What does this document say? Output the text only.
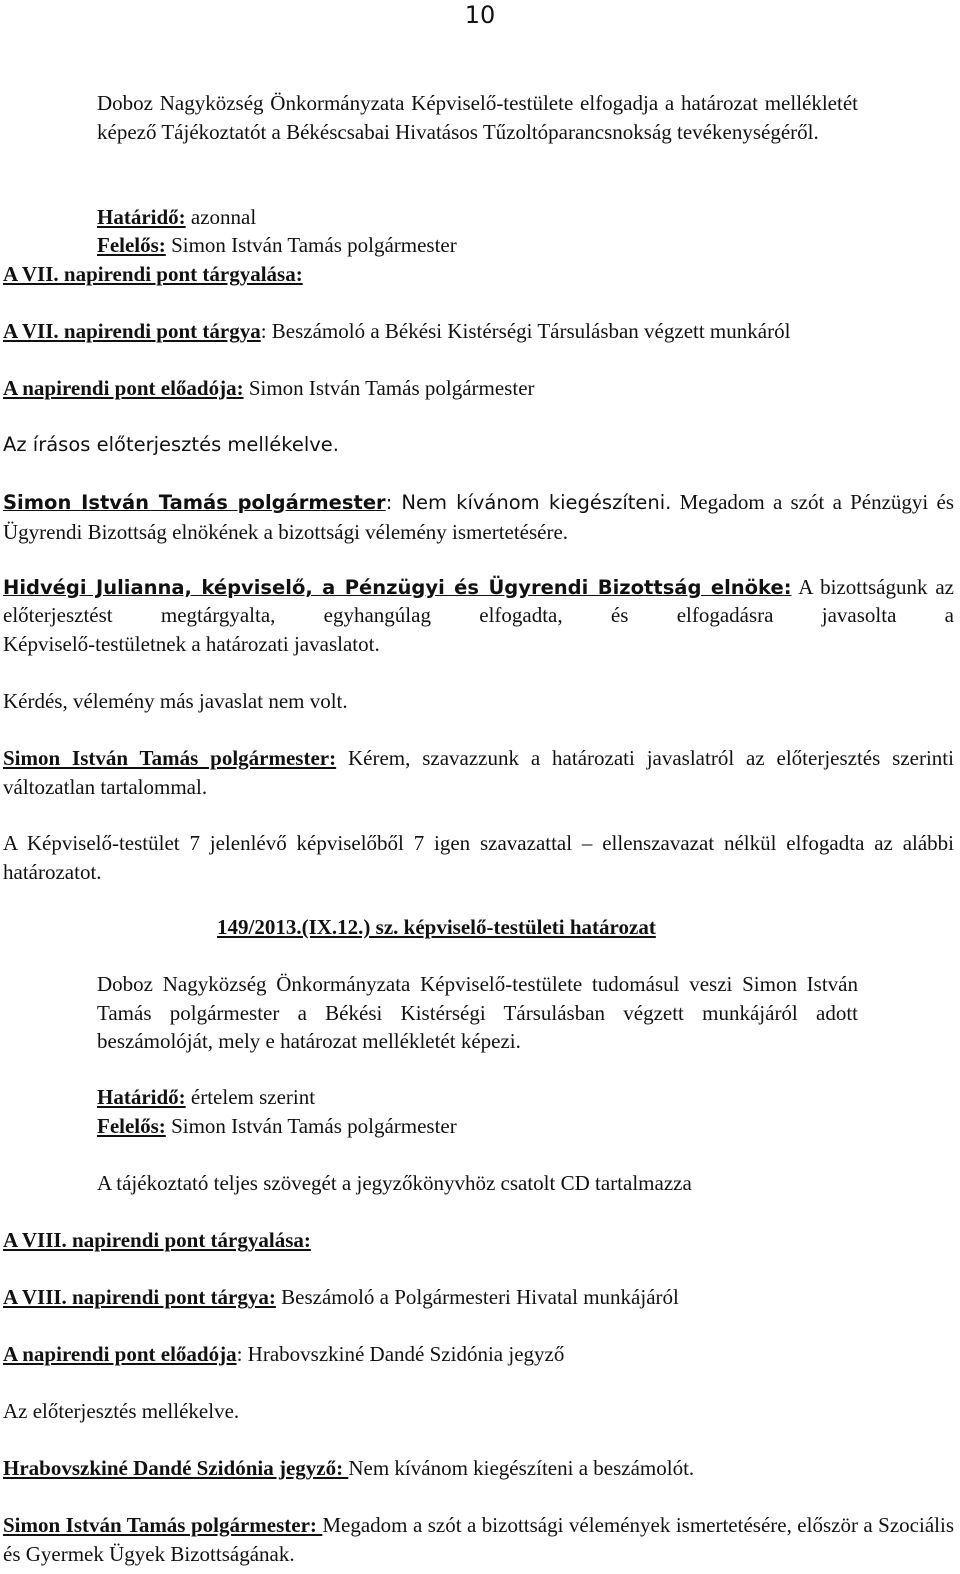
10
Doboz Nagyközség Önkormányzata Képviselő-testülete elfogadja a határozat mellékletét képező Tájékoztatót a Békéscsabai Hivatásos Tűzoltóparancsnokság tevékenységéről.
Határidő: azonnal
Felelős: Simon István Tamás polgármester
A VII. napirendi pont tárgyalása:
A VII. napirendi pont tárgya: Beszámoló a Békési Kistérségi Társulásban végzett munkáról
A napirendi pont előadója: Simon István Tamás polgármester
Az írásos előterjesztés mellékelve.
Simon István Tamás polgármester: Nem kívánom kiegészíteni. Megadom a szót a Pénzügyi és Ügyrendi Bizottság elnökének a bizottsági vélemény ismertetésére.
Hidvégi Julianna, képviselő, a Pénzügyi és Ügyrendi Bizottság elnöke: A bizottságunk az
előterjesztést megtárgyalta, egyhangúlag elfogadta, és elfogadásra javasolta a
Képviselő-testületnek a határozati javaslatot.
Kérdés, vélemény más javaslat nem volt.
Simon István Tamás polgármester: Kérem, szavazzunk a határozati javaslatról az előterjesztés szerinti változatlan tartalommal.
A Képviselő-testület 7 jelenlévő képviselőből 7 igen szavazattal – ellenszavazat nélkül elfogadta az alábbi határozatot.
149/2013.(IX.12.) sz. képviselő-testületi határozat
Doboz Nagyközség Önkormányzata Képviselő-testülete tudomásul veszi Simon István Tamás polgármester a Békési Kistérségi Társulásban végzett munkájáról adott beszámolóját, mely e határozat mellékletét képezi.
Határidő: értelem szerint
Felelős: Simon István Tamás polgármester
A tájékoztató teljes szövegét a jegyzőkönyvhöz csatolt CD tartalmazza
A VIII. napirendi pont tárgyalása:
A VIII. napirendi pont tárgya: Beszámoló a Polgármesteri Hivatal munkájáról
A napirendi pont előadója: Hrabovszkiné Dandé Szidónia jegyző
Az előterjesztés mellékelve.
Hrabovszkiné Dandé Szidónia jegyző: Nem kívánom kiegészíteni a beszámolót.
Simon István Tamás polgármester: Megadom a szót a bizottsági vélemények ismertetésére, először a Szociális és Gyermek Ügyek Bizottságának.
